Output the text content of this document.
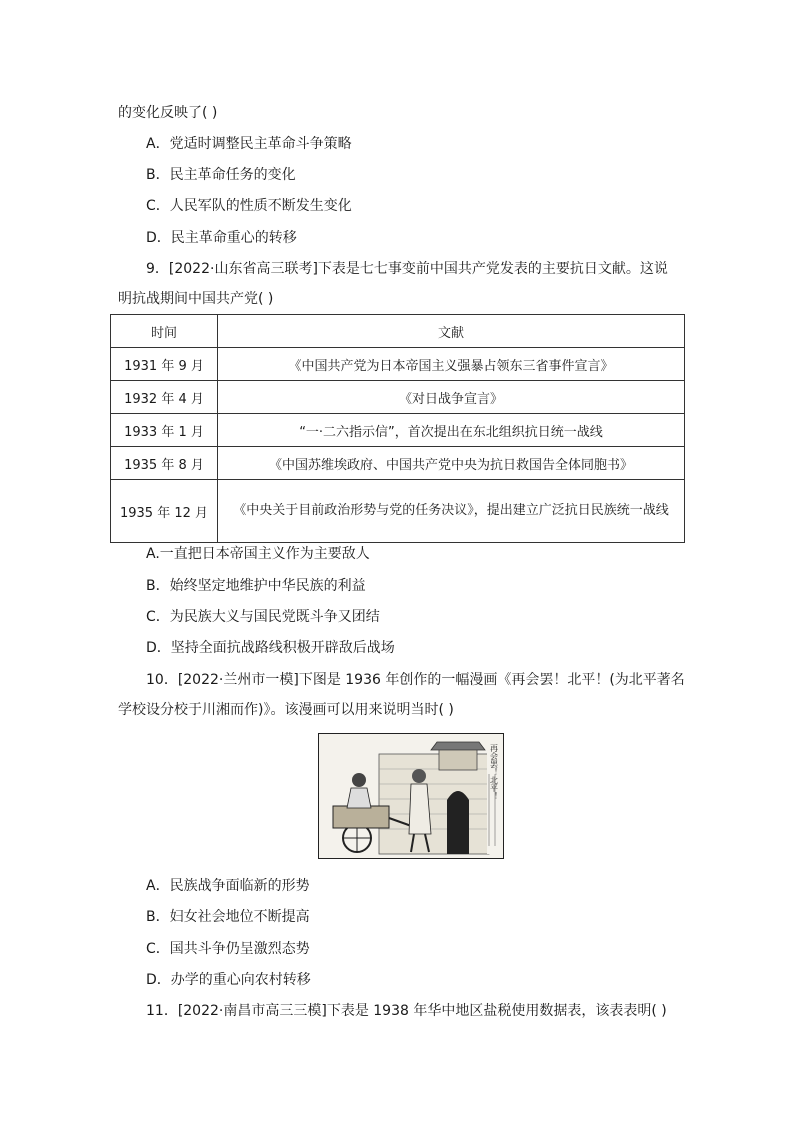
的变化反映了( )
A．党适时调整民主革命斗争策略
B．民主革命任务的变化
C．人民军队的性质不断发生变化
D．民主革命重心的转移
9．[2022·山东省高三联考]下表是七七事变前中国共产党发表的主要抗日文献。这说
明抗战期间中国共产党( )
时间	文献
1931 年 9 月	《中国共产党为日本帝国主义强暴占领东三省事件宣言》
1932 年 4 月	《对日战争宣言》
1933 年 1 月	“一·二六指示信”，首次提出在东北组织抗日统一战线
1935 年 8 月	《中国苏维埃政府、中国共产党中央为抗日救国告全体同胞书》
1935 年 12 月	《中央关于目前政治形势与党的任务决议》，提出建立广泛抗日民族统一战线
A.一直把日本帝国主义作为主要敌人
B．始终坚定地维护中华民族的利益
C．为民族大义与国民党既斗争又团结
D．坚持全面抗战路线积极开辟敌后战场
10．[2022·兰州市一模]下图是 1936 年创作的一幅漫画《再会罢！北平！(为北平著名
学校设分校于川湘而作)》。该漫画可以用来说明当时( )
再会罢！北平！
A．民族战争面临新的形势
B．妇女社会地位不断提高
C．国共斗争仍呈激烈态势
D．办学的重心向农村转移
11．[2022·南昌市高三三模]下表是 1938 年华中地区盐税使用数据表，该表表明( )
